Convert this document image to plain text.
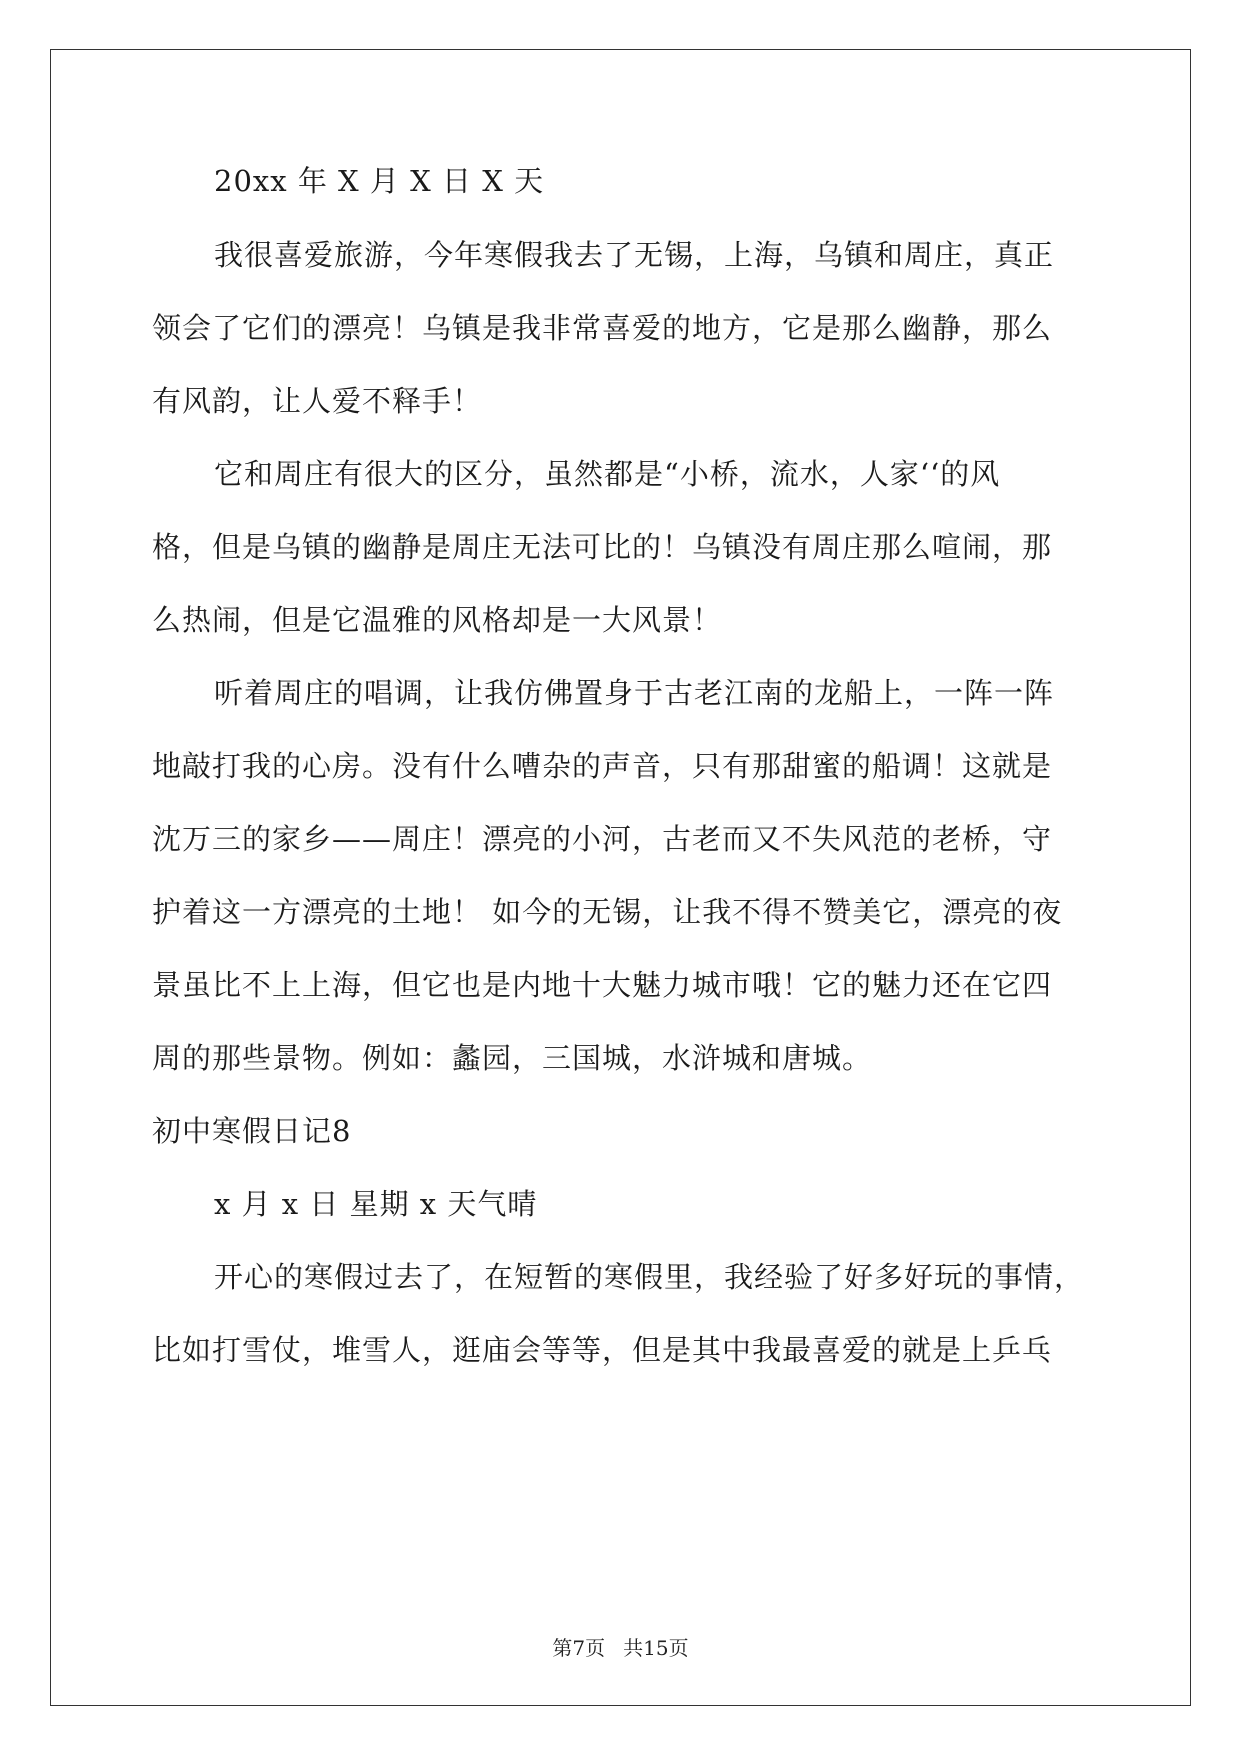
20xx 年 X 月 X 日 X 天

我很喜爱旅游，今年寒假我去了无锡，上海，乌镇和周庄，真正

领会了它们的漂亮！乌镇是我非常喜爱的地方，它是那么幽静，那么

有风韵，让人爱不释手！

它和周庄有很大的区分，虽然都是“小桥，流水，人家‘‘的风

格，但是乌镇的幽静是周庄无法可比的！乌镇没有周庄那么喧闹，那

么热闹，但是它温雅的风格却是一大风景！

听着周庄的唱调，让我仿佛置身于古老江南的龙船上，一阵一阵

地敲打我的心房。没有什么嘈杂的声音，只有那甜蜜的船调！这就是

沈万三的家乡——周庄！漂亮的小河，古老而又不失风范的老桥，守

护着这一方漂亮的土地！ 如今的无锡，让我不得不赞美它，漂亮的夜

景虽比不上上海，但它也是内地十大魅力城市哦！它的魅力还在它四

周的那些景物。例如：蠡园，三国城，水浒城和唐城。

初中寒假日记8

x 月 x 日 星期 x 天气晴

开心的寒假过去了，在短暂的寒假里，我经验了好多好玩的事情，

比如打雪仗，堆雪人，逛庙会等等，但是其中我最喜爱的就是上乒乓

第7页 共15页
